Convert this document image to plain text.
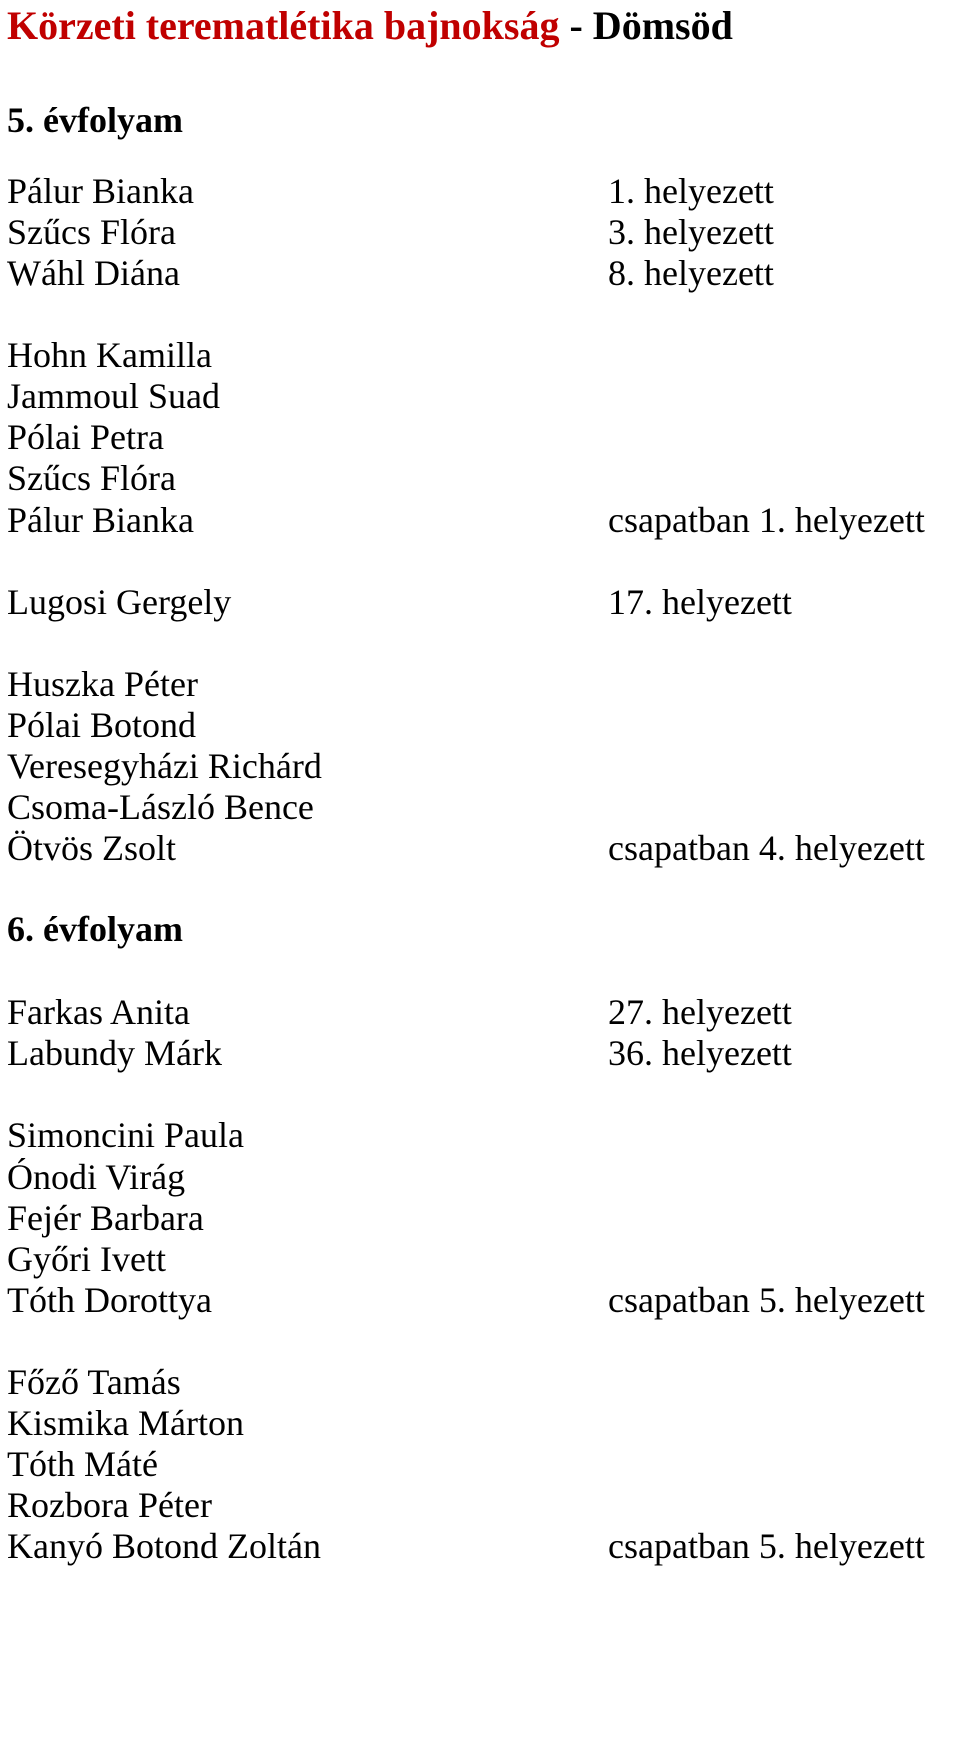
Körzeti terematlétika bajnokság - Dömsöd
5. évfolyam
Pálur Bianka	1. helyezett
Szűcs Flóra	3. helyezett
Wáhl Diána	8. helyezett
Hohn Kamilla
Jammoul Suad
Pólai Petra
Szűcs Flóra
Pálur Bianka	csapatban 1. helyezett
Lugosi Gergely	17. helyezett
Huszka Péter
Pólai Botond
Veresegyházi Richárd
Csoma-László Bence
Ötvös Zsolt	csapatban 4. helyezett
6. évfolyam
Farkas Anita	27. helyezett
Labundy Márk	36. helyezett
Simoncini Paula
Ónodi Virág
Fejér Barbara
Győri Ivett
Tóth Dorottya	csapatban 5. helyezett
Főző Tamás
Kismika Márton
Tóth Máté
Rozbora Péter
Kanyó Botond Zoltán	csapatban 5. helyezett
